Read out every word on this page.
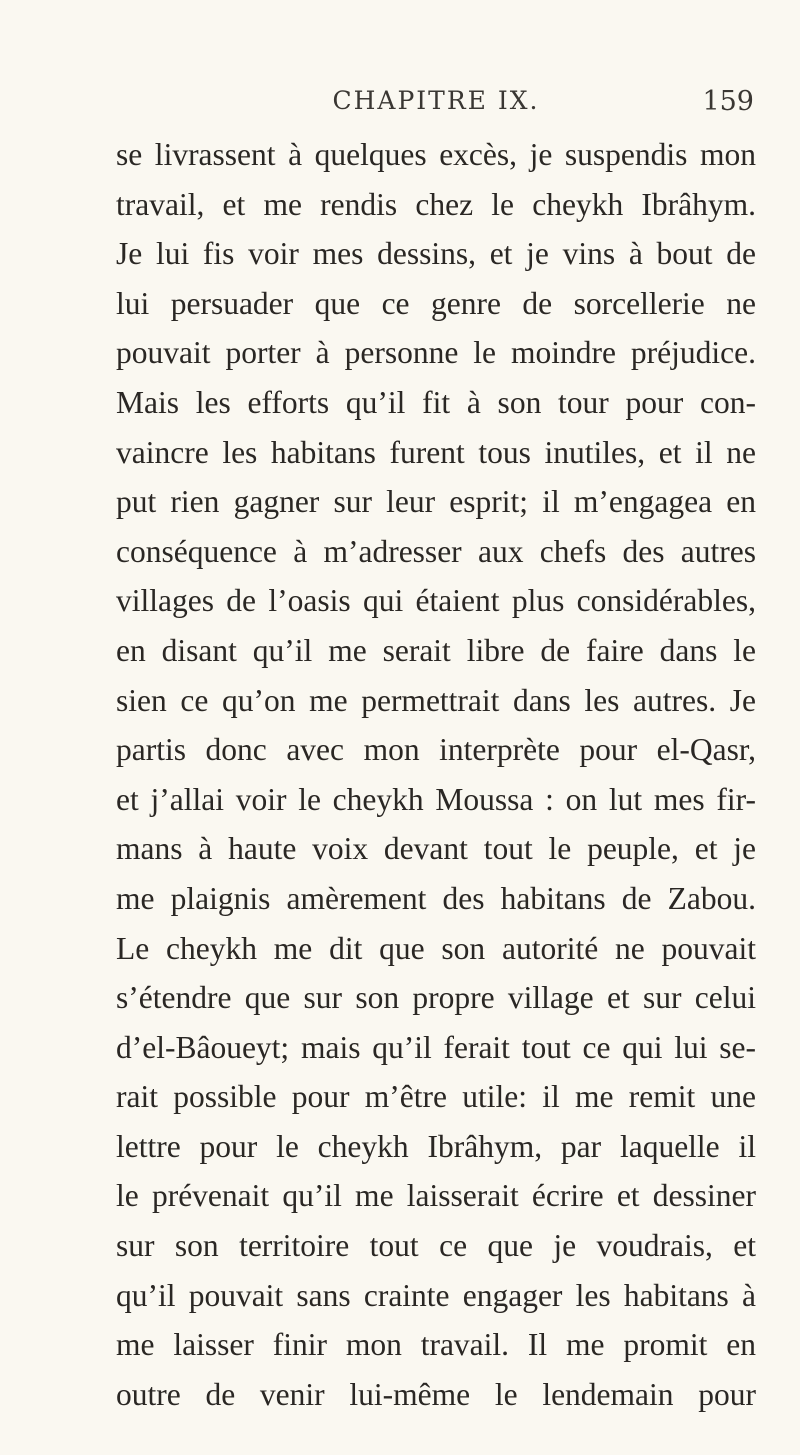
CHAPITRE IX.	159
se livrassent à quelques excès, je suspendis mon
travail, et me rendis chez le cheykh Ibrâhym.
Je lui fis voir mes dessins, et je vins à bout de
lui persuader que ce genre de sorcellerie ne
pouvait porter à personne le moindre préjudice.
Mais les efforts qu’il fit à son tour pour con-
vaincre les habitans furent tous inutiles, et il ne
put rien gagner sur leur esprit; il m’engagea en
conséquence à m’adresser aux chefs des autres
villages de l’oasis qui étaient plus considérables,
en disant qu’il me serait libre de faire dans le
sien ce qu’on me permettrait dans les autres. Je
partis donc avec mon interprète pour el-Qasr,
et j’allai voir le cheykh Moussa : on lut mes fir-
mans à haute voix devant tout le peuple, et je
me plaignis amèrement des habitans de Zabou.
Le cheykh me dit que son autorité ne pouvait
s’étendre que sur son propre village et sur celui
d’el-Bâoueyt; mais qu’il ferait tout ce qui lui se-
rait possible pour m’être utile: il me remit une
lettre pour le cheykh Ibrâhym, par laquelle il
le prévenait qu’il me laisserait écrire et dessiner
sur son territoire tout ce que je voudrais, et
qu’il pouvait sans crainte engager les habitans à
me laisser finir mon travail. Il me promit en
outre de venir lui-même le lendemain pour
